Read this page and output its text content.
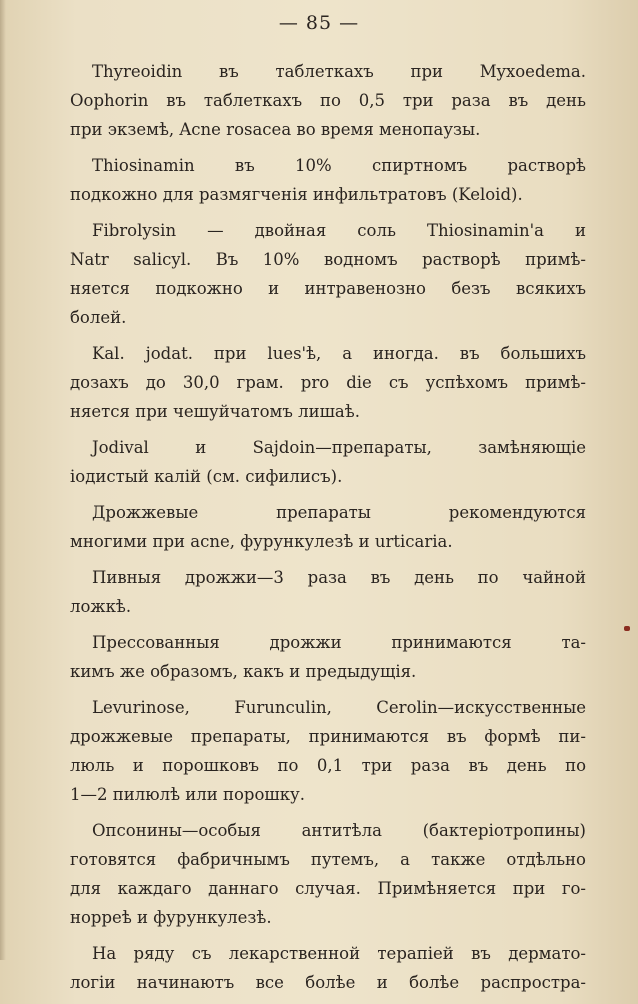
— 85 —

Thyreoidin въ таблеткахъ при Myxoedema.
Oophorin въ таблеткахъ по 0,5 три раза въ день
при экземѣ, Acne rosacea во время менопаузы.

Thiosinamin въ 10% спиртномъ растворѣ
подкожно для размягченія инфильтратовъ (Keloid).

Fibrolysin — двойная соль Thiosinamin'а и
Natr salicyl. Въ 10% водномъ растворѣ примѣ-
няется подкожно и интравенозно безъ всякихъ
болей.

Kal. jodat. при lues'ѣ, а иногда. въ большихъ
дозахъ до 30,0 грам. pro die съ успѣхомъ примѣ-
няется при чешуйчатомъ лишаѣ.

Jodival и Sajdoin—препараты, замѣняющіе
іодистый калій (см. сифилисъ).

Дрожжевые препараты рекомендуются
многими при acne, фурункулезѣ и urticaria.

Пивныя дрожжи—3 раза въ день по чайной
ложкѣ.

Прессованныя дрожжи принимаются та-
кимъ же образомъ, какъ и предыдущія.

Levurinose, Furunculin, Cerolin—искусственные
дрожжевые препараты, принимаются въ формѣ пи-
люль и порошковъ по 0,1 три раза въ день по
1—2 пилюлѣ или порошку.

Опсонины—особыя антитѣла (бактеріотропины)
готовятся фабричнымъ путемъ, а также отдѣльно
для каждаго даннаго случая. Примѣняется при го-
норреѣ и фурункулезѣ.

На ряду съ лекарственной терапіей въ дермато-
логіи начинаютъ все болѣе и болѣе распростра-
